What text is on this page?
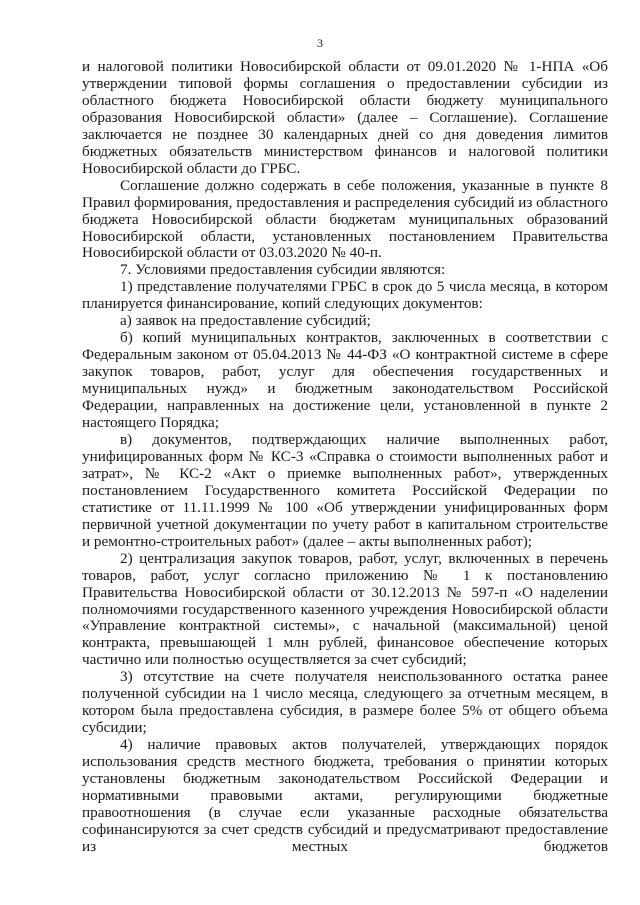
3

и налоговой политики Новосибирской области от 09.01.2020 № 1-НПА «Об утверждении типовой формы соглашения о предоставлении субсидии из областного бюджета Новосибирской области бюджету муниципального образования Новосибирской области» (далее – Соглашение). Соглашение заключается не позднее 30 календарных дней со дня доведения лимитов бюджетных обязательств министерством финансов и налоговой политики Новосибирской области до ГРБС.

Соглашение должно содержать в себе положения, указанные в пункте 8 Правил формирования, предоставления и распределения субсидий из областного бюджета Новосибирской области бюджетам муниципальных образований Новосибирской области, установленных постановлением Правительства Новосибирской области от 03.03.2020 № 40-п.

7. Условиями предоставления субсидии являются:

1) представление получателями ГРБС в срок до 5 числа месяца, в котором планируется финансирование, копий следующих документов:

а) заявок на предоставление субсидий;

б) копий муниципальных контрактов, заключенных в соответствии с Федеральным законом от 05.04.2013 № 44-ФЗ «О контрактной системе в сфере закупок товаров, работ, услуг для обеспечения государственных и муниципальных нужд» и бюджетным законодательством Российской Федерации, направленных на достижение цели, установленной в пункте 2 настоящего Порядка;

в) документов, подтверждающих наличие выполненных работ, унифицированных форм № КС-3 «Справка о стоимости выполненных работ и затрат», № КС-2 «Акт о приемке выполненных работ», утвержденных постановлением Государственного комитета Российской Федерации по статистике от 11.11.1999 № 100 «Об утверждении унифицированных форм первичной учетной документации по учету работ в капитальном строительстве и ремонтно-строительных работ» (далее – акты выполненных работ);

2) централизация закупок товаров, работ, услуг, включенных в перечень товаров, работ, услуг согласно приложению № 1 к постановлению Правительства Новосибирской области от 30.12.2013 № 597-п «О наделении полномочиями государственного казенного учреждения Новосибирской области «Управление контрактной системы», с начальной (максимальной) ценой контракта, превышающей 1 млн рублей, финансовое обеспечение которых частично или полностью осуществляется за счет субсидий;

3) отсутствие на счете получателя неиспользованного остатка ранее полученной субсидии на 1 число месяца, следующего за отчетным месяцем, в котором была предоставлена субсидия, в размере более 5% от общего объема субсидии;

4) наличие правовых актов получателей, утверждающих порядок использования средств местного бюджета, требования о принятии которых установлены бюджетным законодательством Российской Федерации и нормативными правовыми актами, регулирующими бюджетные правоотношения (в случае если указанные расходные обязательства софинансируются за счет средств субсидий и предусматривают предоставление из местных бюджетов
